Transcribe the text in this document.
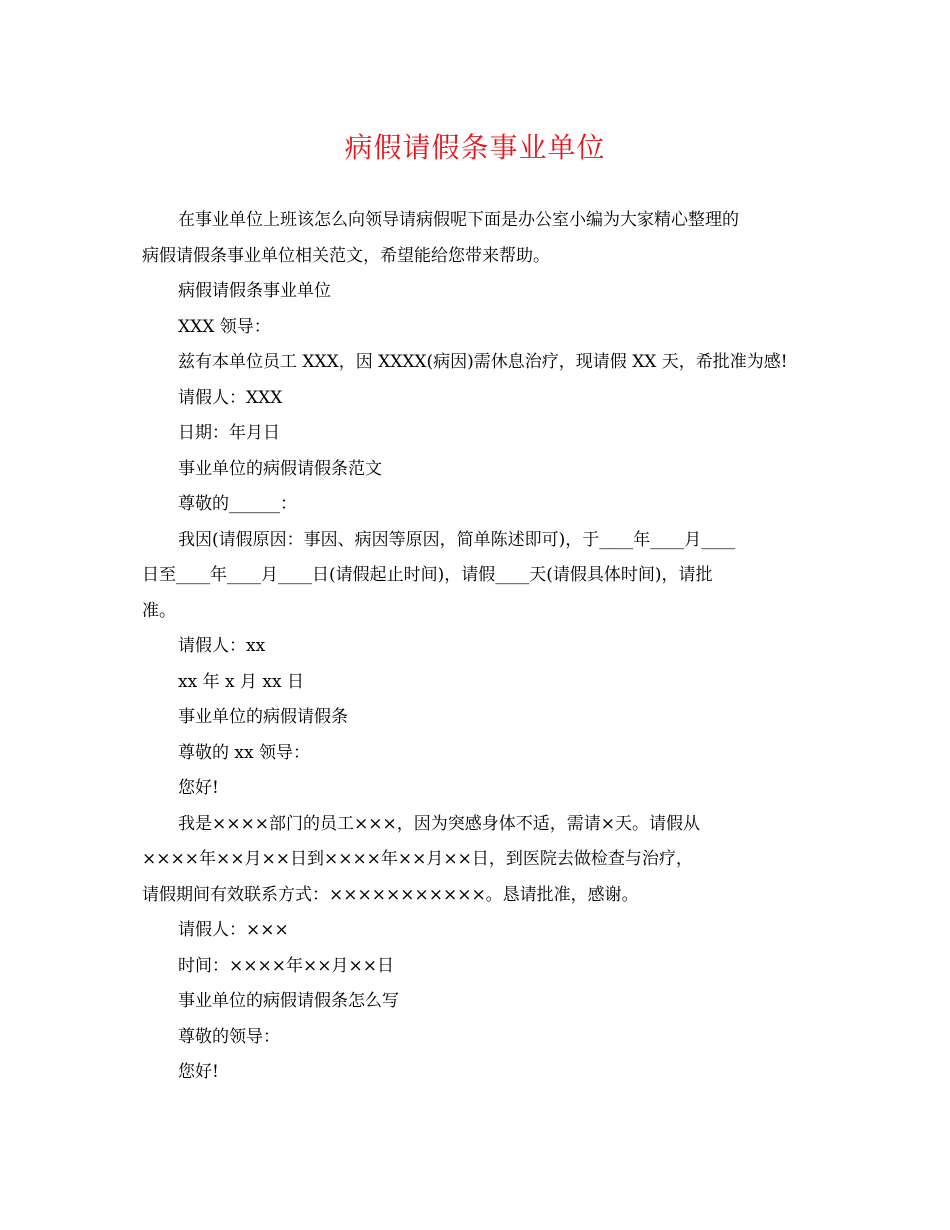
病假请假条事业单位
在事业单位上班该怎么向领导请病假呢下面是办公室小编为大家精心整理的
病假请假条事业单位相关范文，希望能给您带来帮助。
病假请假条事业单位
XXX 领导：
兹有本单位员工 XXX，因 XXXX(病因)需休息治疗，现请假 XX 天，希批准为感!
请假人：XXX
日期：年月日
事业单位的病假请假条范文
尊敬的______：
我因(请假原因：事因、病因等原因，简单陈述即可)，于____年____月____
日至____年____月____日(请假起止时间)，请假____天(请假具体时间)，请批
准。
请假人：xx
xx 年 x 月 xx 日
事业单位的病假请假条
尊敬的 xx 领导：
您好!
我是××××部门的员工×××，因为突感身体不适，需请×天。请假从
××××年××月××日到××××年××月××日，到医院去做检查与治疗，
请假期间有效联系方式：×××××××××××。恳请批准，感谢。
请假人：×××
时间：××××年××月××日
事业单位的病假请假条怎么写
尊敬的领导：
您好!
